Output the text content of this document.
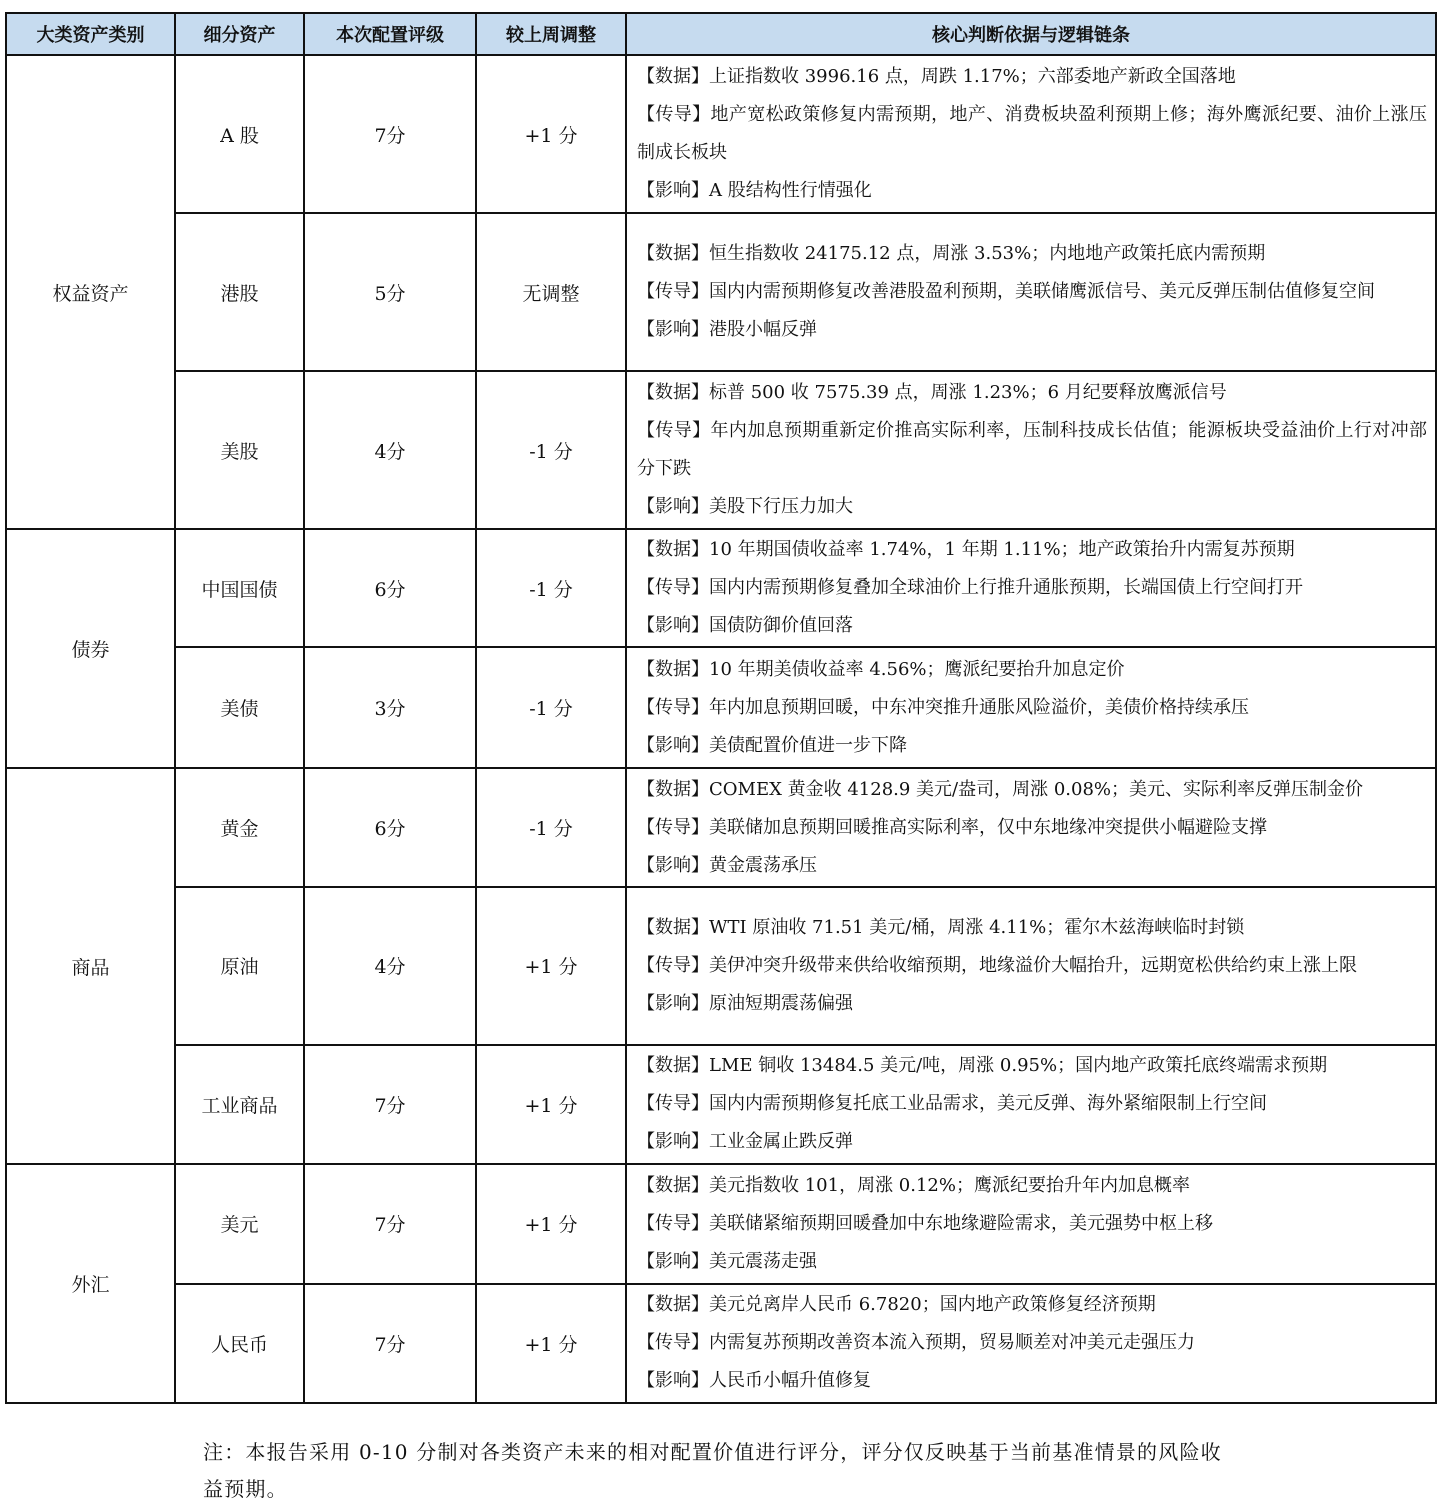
大类资产类别	细分资产	本次配置评级	较上周调整	核心判断依据与逻辑链条
权益资产	A 股	7分	+1 分	【数据】上证指数收 3996.16 点，周跌 1.17%；六部委地产新政全国落地
【传导】地产宽松政策修复内需预期，地产、消费板块盈利预期上修；海外鹰派纪要、油价上涨压制成长板块
【影响】A 股结构性行情强化

	港股	5分	无调整	【数据】恒生指数收 24175.12 点，周涨 3.53%；内地地产政策托底内需预期
【传导】国内内需预期修复改善港股盈利预期，美联储鹰派信号、美元反弹压制估值修复空间
【影响】港股小幅反弹

	美股	4分	-1 分	【数据】标普 500 收 7575.39 点，周涨 1.23%；6 月纪要释放鹰派信号
【传导】年内加息预期重新定价推高实际利率，压制科技成长估值；能源板块受益油价上行对冲部分下跌
【影响】美股下行压力加大

债券	中国国债	6分	-1 分	【数据】10 年期国债收益率 1.74%，1 年期 1.11%；地产政策抬升内需复苏预期
【传导】国内内需预期修复叠加全球油价上行推升通胀预期，长端国债上行空间打开
【影响】国债防御价值回落

	美债	3分	-1 分	【数据】10 年期美债收益率 4.56%；鹰派纪要抬升加息定价
【传导】年内加息预期回暖，中东冲突推升通胀风险溢价，美债价格持续承压
【影响】美债配置价值进一步下降

商品	黄金	6分	-1 分	【数据】COMEX 黄金收 4128.9 美元/盎司，周涨 0.08%；美元、实际利率反弹压制金价
【传导】美联储加息预期回暖推高实际利率，仅中东地缘冲突提供小幅避险支撑
【影响】黄金震荡承压

	原油	4分	+1 分	【数据】WTI 原油收 71.51 美元/桶，周涨 4.11%；霍尔木兹海峡临时封锁
【传导】美伊冲突升级带来供给收缩预期，地缘溢价大幅抬升，远期宽松供给约束上涨上限
【影响】原油短期震荡偏强

	工业商品	7分	+1 分	【数据】LME 铜收 13484.5 美元/吨，周涨 0.95%；国内地产政策托底终端需求预期
【传导】国内内需预期修复托底工业品需求，美元反弹、海外紧缩限制上行空间
【影响】工业金属止跌反弹

外汇	美元	7分	+1 分	【数据】美元指数收 101，周涨 0.12%；鹰派纪要抬升年内加息概率
【传导】美联储紧缩预期回暖叠加中东地缘避险需求，美元强势中枢上移
【影响】美元震荡走强

	人民币	7分	+1 分	【数据】美元兑离岸人民币 6.7820；国内地产政策修复经济预期
【传导】内需复苏预期改善资本流入预期，贸易顺差对冲美元走强压力
【影响】人民币小幅升值修复
注：本报告采用 0-10 分制对各类资产未来的相对配置价值进行评分，评分仅反映基于当前基准情景的风险收益预期。
